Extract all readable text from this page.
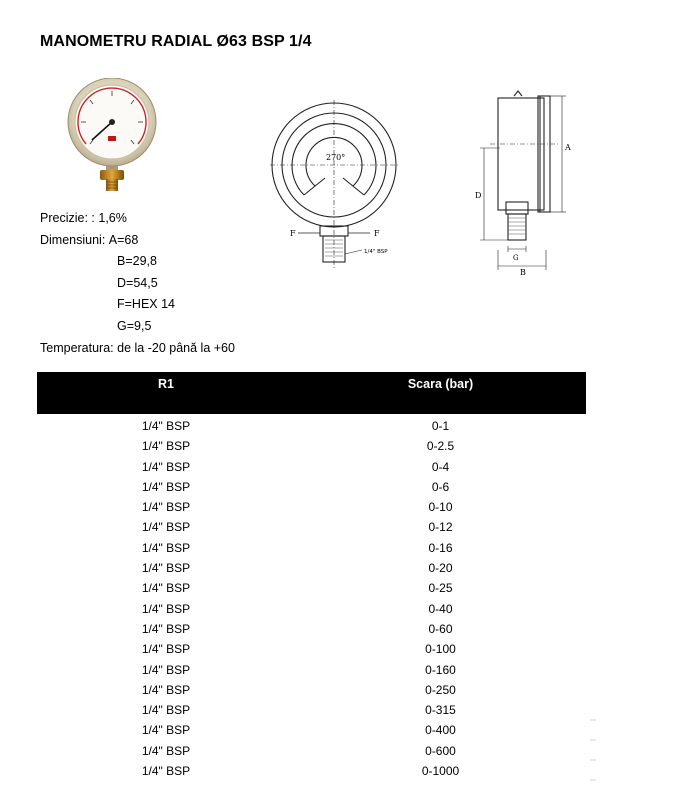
MANOMETRU RADIAL Ø63 BSP 1/4
270°
F	F
1/4" BSP
D
A
G
B
Precizie: :
1,6%
Dimensiuni:
A=68
B=29,8
D=54,5
F=HEX 14
G=9,5
Temperatura:
de la -20 până la +60
R1	Scara (bar)
1/4" BSP	0-1
1/4" BSP	0-2.5
1/4" BSP	0-4
1/4" BSP	0-6
1/4" BSP	0-10
1/4" BSP	0-12
1/4" BSP	0-16
1/4" BSP	0-20
1/4" BSP	0-25
1/4" BSP	0-40
1/4" BSP	0-60
1/4" BSP	0-100
1/4" BSP	0-160
1/4" BSP	0-250
1/4" BSP	0-315
1/4" BSP	0-400
1/4" BSP	0-600
1/4" BSP	0-1000
